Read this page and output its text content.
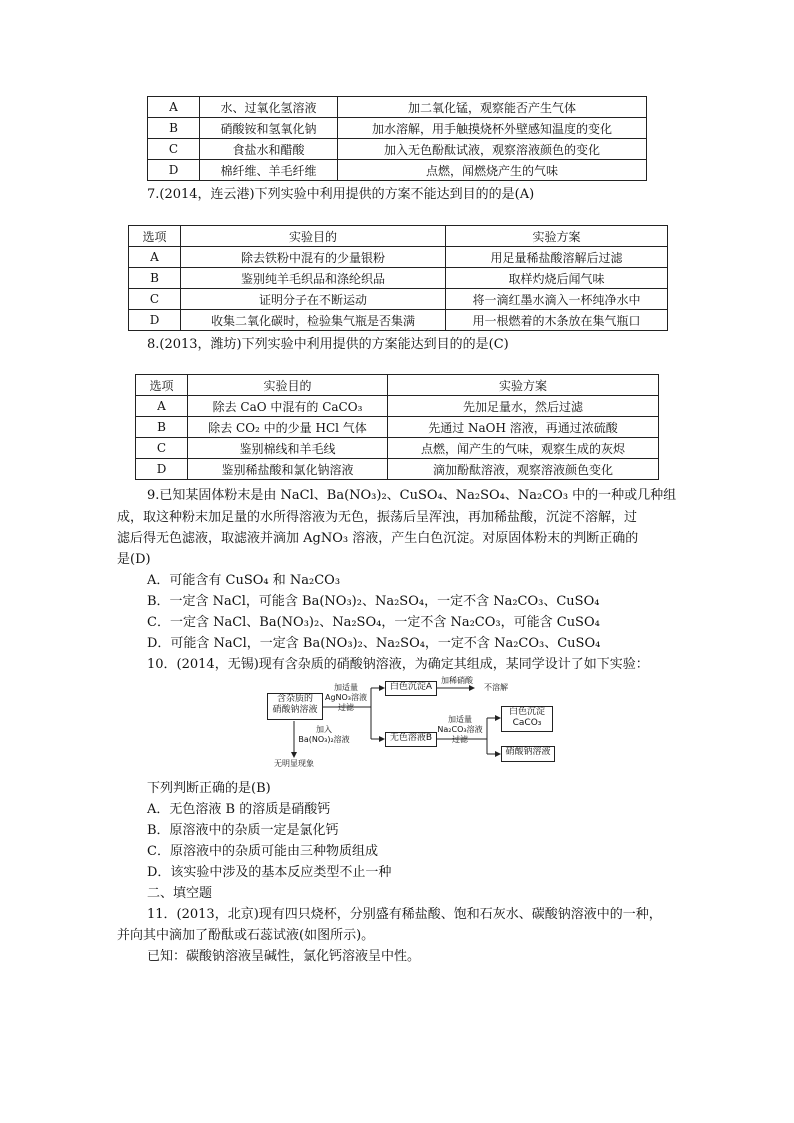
A	水、过氧化氢溶液	加二氧化锰，观察能否产生气体
B	硝酸铵和氢氧化钠	加水溶解，用手触摸烧杯外壁感知温度的变化
C	食盐水和醋酸	加入无色酚酞试液，观察溶液颜色的变化
D	棉纤维、羊毛纤维	点燃，闻燃烧产生的气味
7.(2014，连云港)下列实验中利用提供的方案不能达到目的的是(A)
选项	实验目的	实验方案
A	除去铁粉中混有的少量银粉	用足量稀盐酸溶解后过滤
B	鉴别纯羊毛织品和涤纶织品	取样灼烧后闻气味
C	证明分子在不断运动	将一滴红墨水滴入一杯纯净水中
D	收集二氧化碳时，检验集气瓶是否集满	用一根燃着的木条放在集气瓶口
8.(2013，潍坊)下列实验中利用提供的方案能达到目的的是(C)
选项	实验目的	实验方案
A	除去 CaO 中混有的 CaCO₃	先加足量水，然后过滤
B	除去 CO₂ 中的少量 HCl 气体	先通过 NaOH 溶液，再通过浓硫酸
C	鉴别棉线和羊毛线	点燃，闻产生的气味，观察生成的灰烬
D	鉴别稀盐酸和氯化钠溶液	滴加酚酞溶液，观察溶液颜色变化
9.已知某固体粉末是由 NaCl、Ba(NO₃)₂、CuSO₄、Na₂SO₄、Na₂CO₃ 中的一种或几种组
成，取这种粉末加足量的水所得溶液为无色，振荡后呈浑浊，再加稀盐酸，沉淀不溶解，过
滤后得无色滤液，取滤液并滴加 AgNO₃ 溶液，产生白色沉淀。对原固体粉末的判断正确的
是(D)
A．可能含有 CuSO₄ 和 Na₂CO₃
B．一定含 NaCl，可能含 Ba(NO₃)₂、Na₂SO₄，一定不含 Na₂CO₃、CuSO₄
C．一定含 NaCl、Ba(NO₃)₂、Na₂SO₄，一定不含 Na₂CO₃，可能含 CuSO₄
D．可能含 NaCl，一定含 Ba(NO₃)₂、Na₂SO₄，一定不含 Na₂CO₃、CuSO₄
10．(2014，无锡)现有含杂质的硝酸钠溶液，为确定其组成，某同学设计了如下实验：
含杂质的
硝酸钠溶液
加适量
AgNO₃溶液
过滤
白色沉淀A
加稀硝酸
不溶解
无色溶液B
加适量
Na₂CO₃溶液
过滤
白色沉淀
CaCO₃
硝酸钠溶液
加入
Ba(NO₃)₂溶液
无明显现象
下列判断正确的是(B)
A．无色溶液 B 的溶质是硝酸钙
B．原溶液中的杂质一定是氯化钙
C．原溶液中的杂质可能由三种物质组成
D．该实验中涉及的基本反应类型不止一种
二、填空题
11．(2013，北京)现有四只烧杯，分别盛有稀盐酸、饱和石灰水、碳酸钠溶液中的一种，
并向其中滴加了酚酞或石蕊试液(如图所示)。
已知：碳酸钠溶液呈碱性，氯化钙溶液呈中性。
